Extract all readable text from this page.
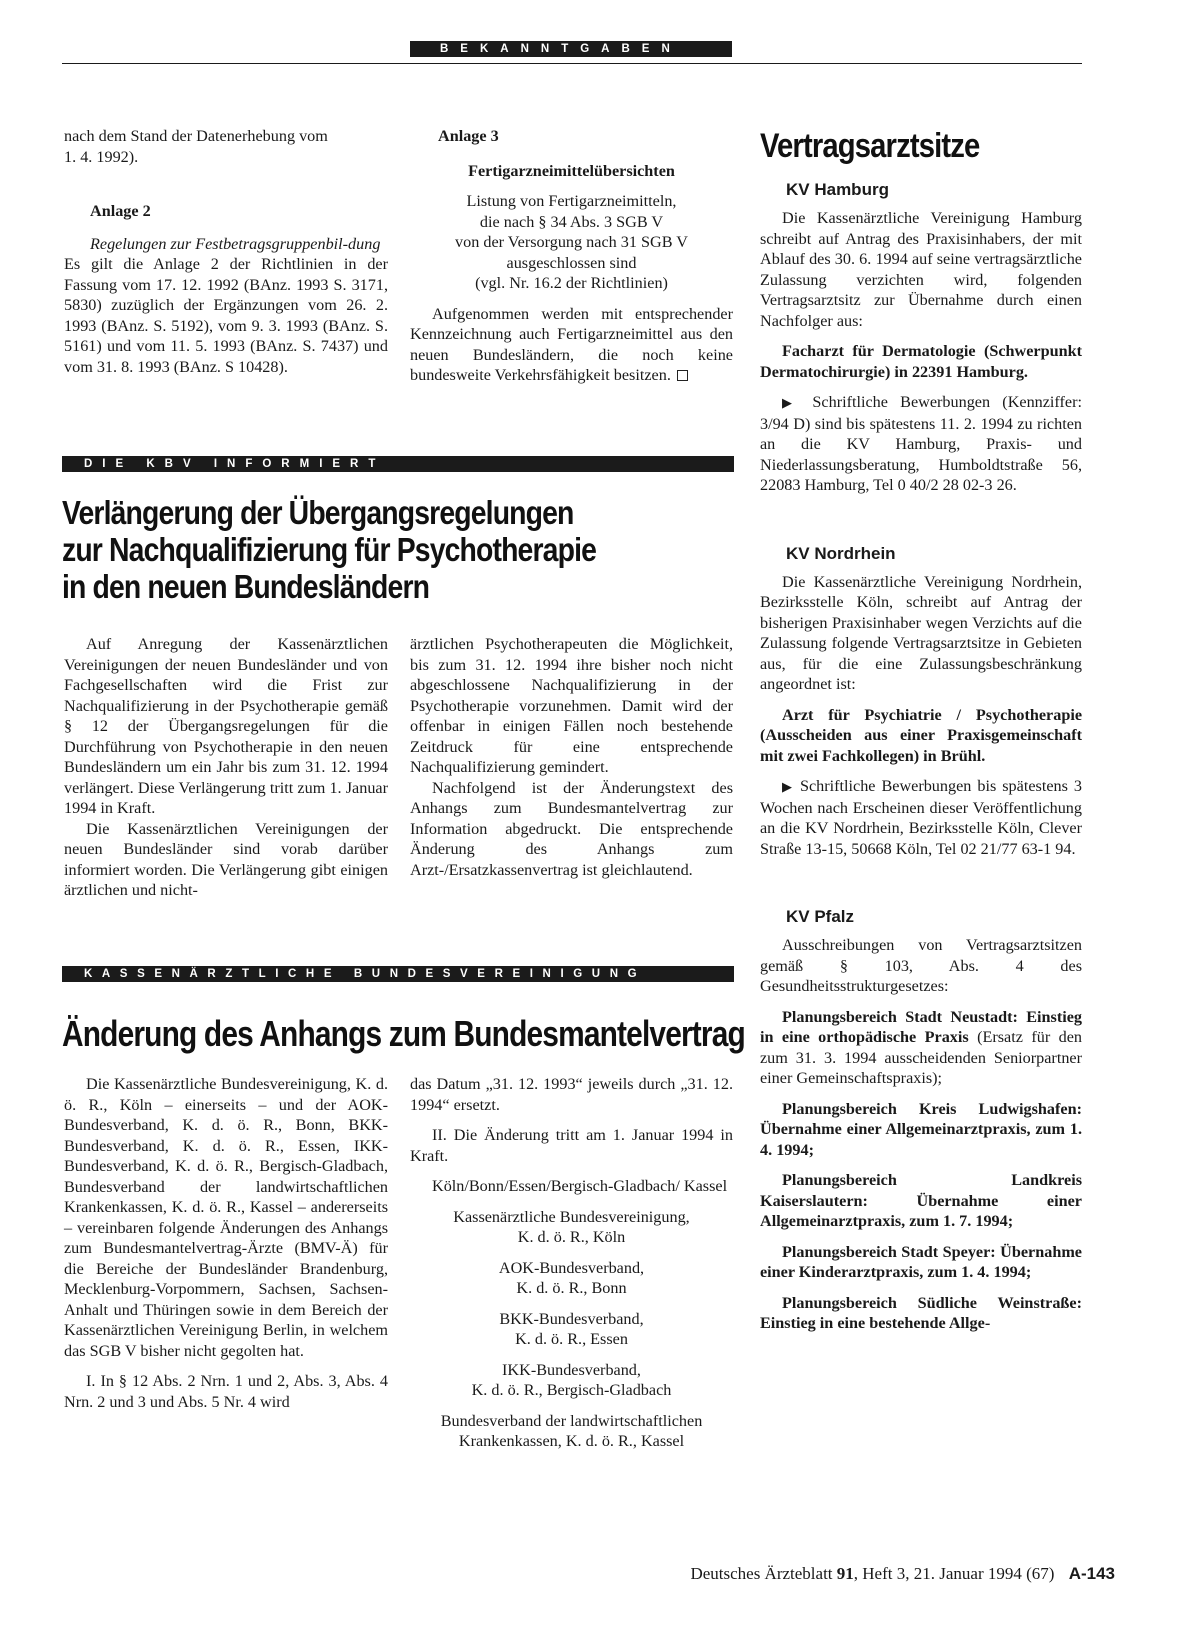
BEKANNTGABEN
nach dem Stand der Datenerhebung vom
1. 4. 1992).
Anlage 2
Regelungen zur Festbetragsgruppenbil-dung
Es gilt die Anlage 2 der Richtlinien in der Fassung vom 17. 12. 1992 (BAnz. 1993 S. 3171, 5830) zuzüglich der Ergänzungen vom 26. 2. 1993 (BAnz. S. 5192), vom 9. 3. 1993 (BAnz. S. 5161) und vom 11. 5. 1993 (BAnz. S. 7437) und vom 31. 8. 1993 (BAnz. S 10428).
Anlage 3
Fertigarzneimittelübersichten
Listung von Fertigarzneimitteln,
die nach § 34 Abs. 3 SGB V
von der Versorgung nach 31 SGB V
ausgeschlossen sind
(vgl. Nr. 16.2 der Richtlinien)
Aufgenommen werden mit entsprechender Kennzeichnung auch Fertigarzneimittel aus den neuen Bundesländern, die noch keine bundesweite Verkehrsfähigkeit besitzen.
DIE KBV INFORMIERT
Verlängerung der Übergangsregelungen
zur Nachqualifizierung für Psychotherapie
in den neuen Bundesländern
Auf Anregung der Kassenärztlichen Vereinigungen der neuen Bundesländer und von Fachgesellschaften wird die Frist zur Nachqualifizierung in der Psychotherapie gemäß § 12 der Übergangsregelungen für die Durchführung von Psychotherapie in den neuen Bundesländern um ein Jahr bis zum 31. 12. 1994 verlängert. Diese Verlängerung tritt zum 1. Januar 1994 in Kraft.
Die Kassenärztlichen Vereinigungen der neuen Bundesländer sind vorab darüber informiert worden. Die Verlängerung gibt einigen ärztlichen und nicht-
ärztlichen Psychotherapeuten die Möglichkeit, bis zum 31. 12. 1994 ihre bisher noch nicht abgeschlossene Nachqualifizierung in der Psychotherapie vorzunehmen. Damit wird der offenbar in einigen Fällen noch bestehende Zeitdruck für eine entsprechende Nachqualifizierung gemindert.
Nachfolgend ist der Änderungstext des Anhangs zum Bundesmantelvertrag zur Information abgedruckt. Die entsprechende Änderung des Anhangs zum Arzt-/Ersatzkassenvertrag ist gleichlautend.
KASSENÄRZTLICHE BUNDESVEREINIGUNG
Änderung des Anhangs zum Bundesmantelvertrag
Die Kassenärztliche Bundesvereinigung, K. d. ö. R., Köln – einerseits – und der AOK-Bundesverband, K. d. ö. R., Bonn, BKK-Bundesverband, K. d. ö. R., Essen, IKK-Bundesverband, K. d. ö. R., Bergisch-Gladbach, Bundesverband der landwirtschaftlichen Krankenkassen, K. d. ö. R., Kassel – andererseits – vereinbaren folgende Änderungen des Anhangs zum Bundesmantelvertrag-Ärzte (BMV-Ä) für die Bereiche der Bundesländer Brandenburg, Mecklenburg-Vorpommern, Sachsen, Sachsen-Anhalt und Thüringen sowie in dem Bereich der Kassenärztlichen Vereinigung Berlin, in welchem das SGB V bisher nicht gegolten hat.
I. In § 12 Abs. 2 Nrn. 1 und 2, Abs. 3, Abs. 4 Nrn. 2 und 3 und Abs. 5 Nr. 4 wird
das Datum „31. 12. 1993“ jeweils durch „31. 12. 1994“ ersetzt.
II. Die Änderung tritt am 1. Januar 1994 in Kraft.
Köln/Bonn/Essen/Bergisch-Gladbach/ Kassel
Kassenärztliche Bundesvereinigung,
K. d. ö. R., Köln
AOK-Bundesverband,
K. d. ö. R., Bonn
BKK-Bundesverband,
K. d. ö. R., Essen
IKK-Bundesverband,
K. d. ö. R., Bergisch-Gladbach
Bundesverband der landwirtschaftlichen
Krankenkassen, K. d. ö. R., Kassel
Vertragsarztsitze
KV Hamburg
Die Kassenärztliche Vereinigung Hamburg schreibt auf Antrag des Praxisinhabers, der mit Ablauf des 30. 6. 1994 auf seine vertragsärztliche Zulassung verzichten wird, folgenden Vertragsarztsitz zur Übernahme durch einen Nachfolger aus:
Facharzt für Dermatologie (Schwerpunkt Dermatochirurgie) in 22391 Hamburg.
▶ Schriftliche Bewerbungen (Kennziffer: 3/94 D) sind bis spätestens 11. 2. 1994 zu richten an die KV Hamburg, Praxis- und Niederlassungsberatung, Humboldtstraße 56, 22083 Hamburg, Tel 0 40/2 28 02-3 26.
KV Nordrhein
Die Kassenärztliche Vereinigung Nordrhein, Bezirksstelle Köln, schreibt auf Antrag der bisherigen Praxisinhaber wegen Verzichts auf die Zulassung folgende Vertragsarztsitze in Gebieten aus, für die eine Zulassungsbeschränkung angeordnet ist:
Arzt für Psychiatrie / Psychotherapie (Ausscheiden aus einer Praxisgemeinschaft mit zwei Fachkollegen) in Brühl.
▶ Schriftliche Bewerbungen bis spätestens 3 Wochen nach Erscheinen dieser Veröffentlichung an die KV Nordrhein, Bezirksstelle Köln, Clever Straße 13-15, 50668 Köln, Tel 02 21/77 63-1 94.
KV Pfalz
Ausschreibungen von Vertragsarztsitzen gemäß § 103, Abs. 4 des Gesundheitsstrukturgesetzes:
Planungsbereich Stadt Neustadt: Einstieg in eine orthopädische Praxis (Ersatz für den zum 31. 3. 1994 ausscheidenden Seniorpartner einer Gemeinschaftspraxis);
Planungsbereich Kreis Ludwigshafen: Übernahme einer Allgemeinarztpraxis, zum 1. 4. 1994;
Planungsbereich Landkreis Kaiserslautern: Übernahme einer Allgemeinarztpraxis, zum 1. 7. 1994;
Planungsbereich Stadt Speyer: Übernahme einer Kinderarztpraxis, zum 1. 4. 1994;
Planungsbereich Südliche Weinstraße: Einstieg in eine bestehende Allge-
Deutsches Ärzteblatt 91, Heft 3, 21. Januar 1994 (67) A-143
